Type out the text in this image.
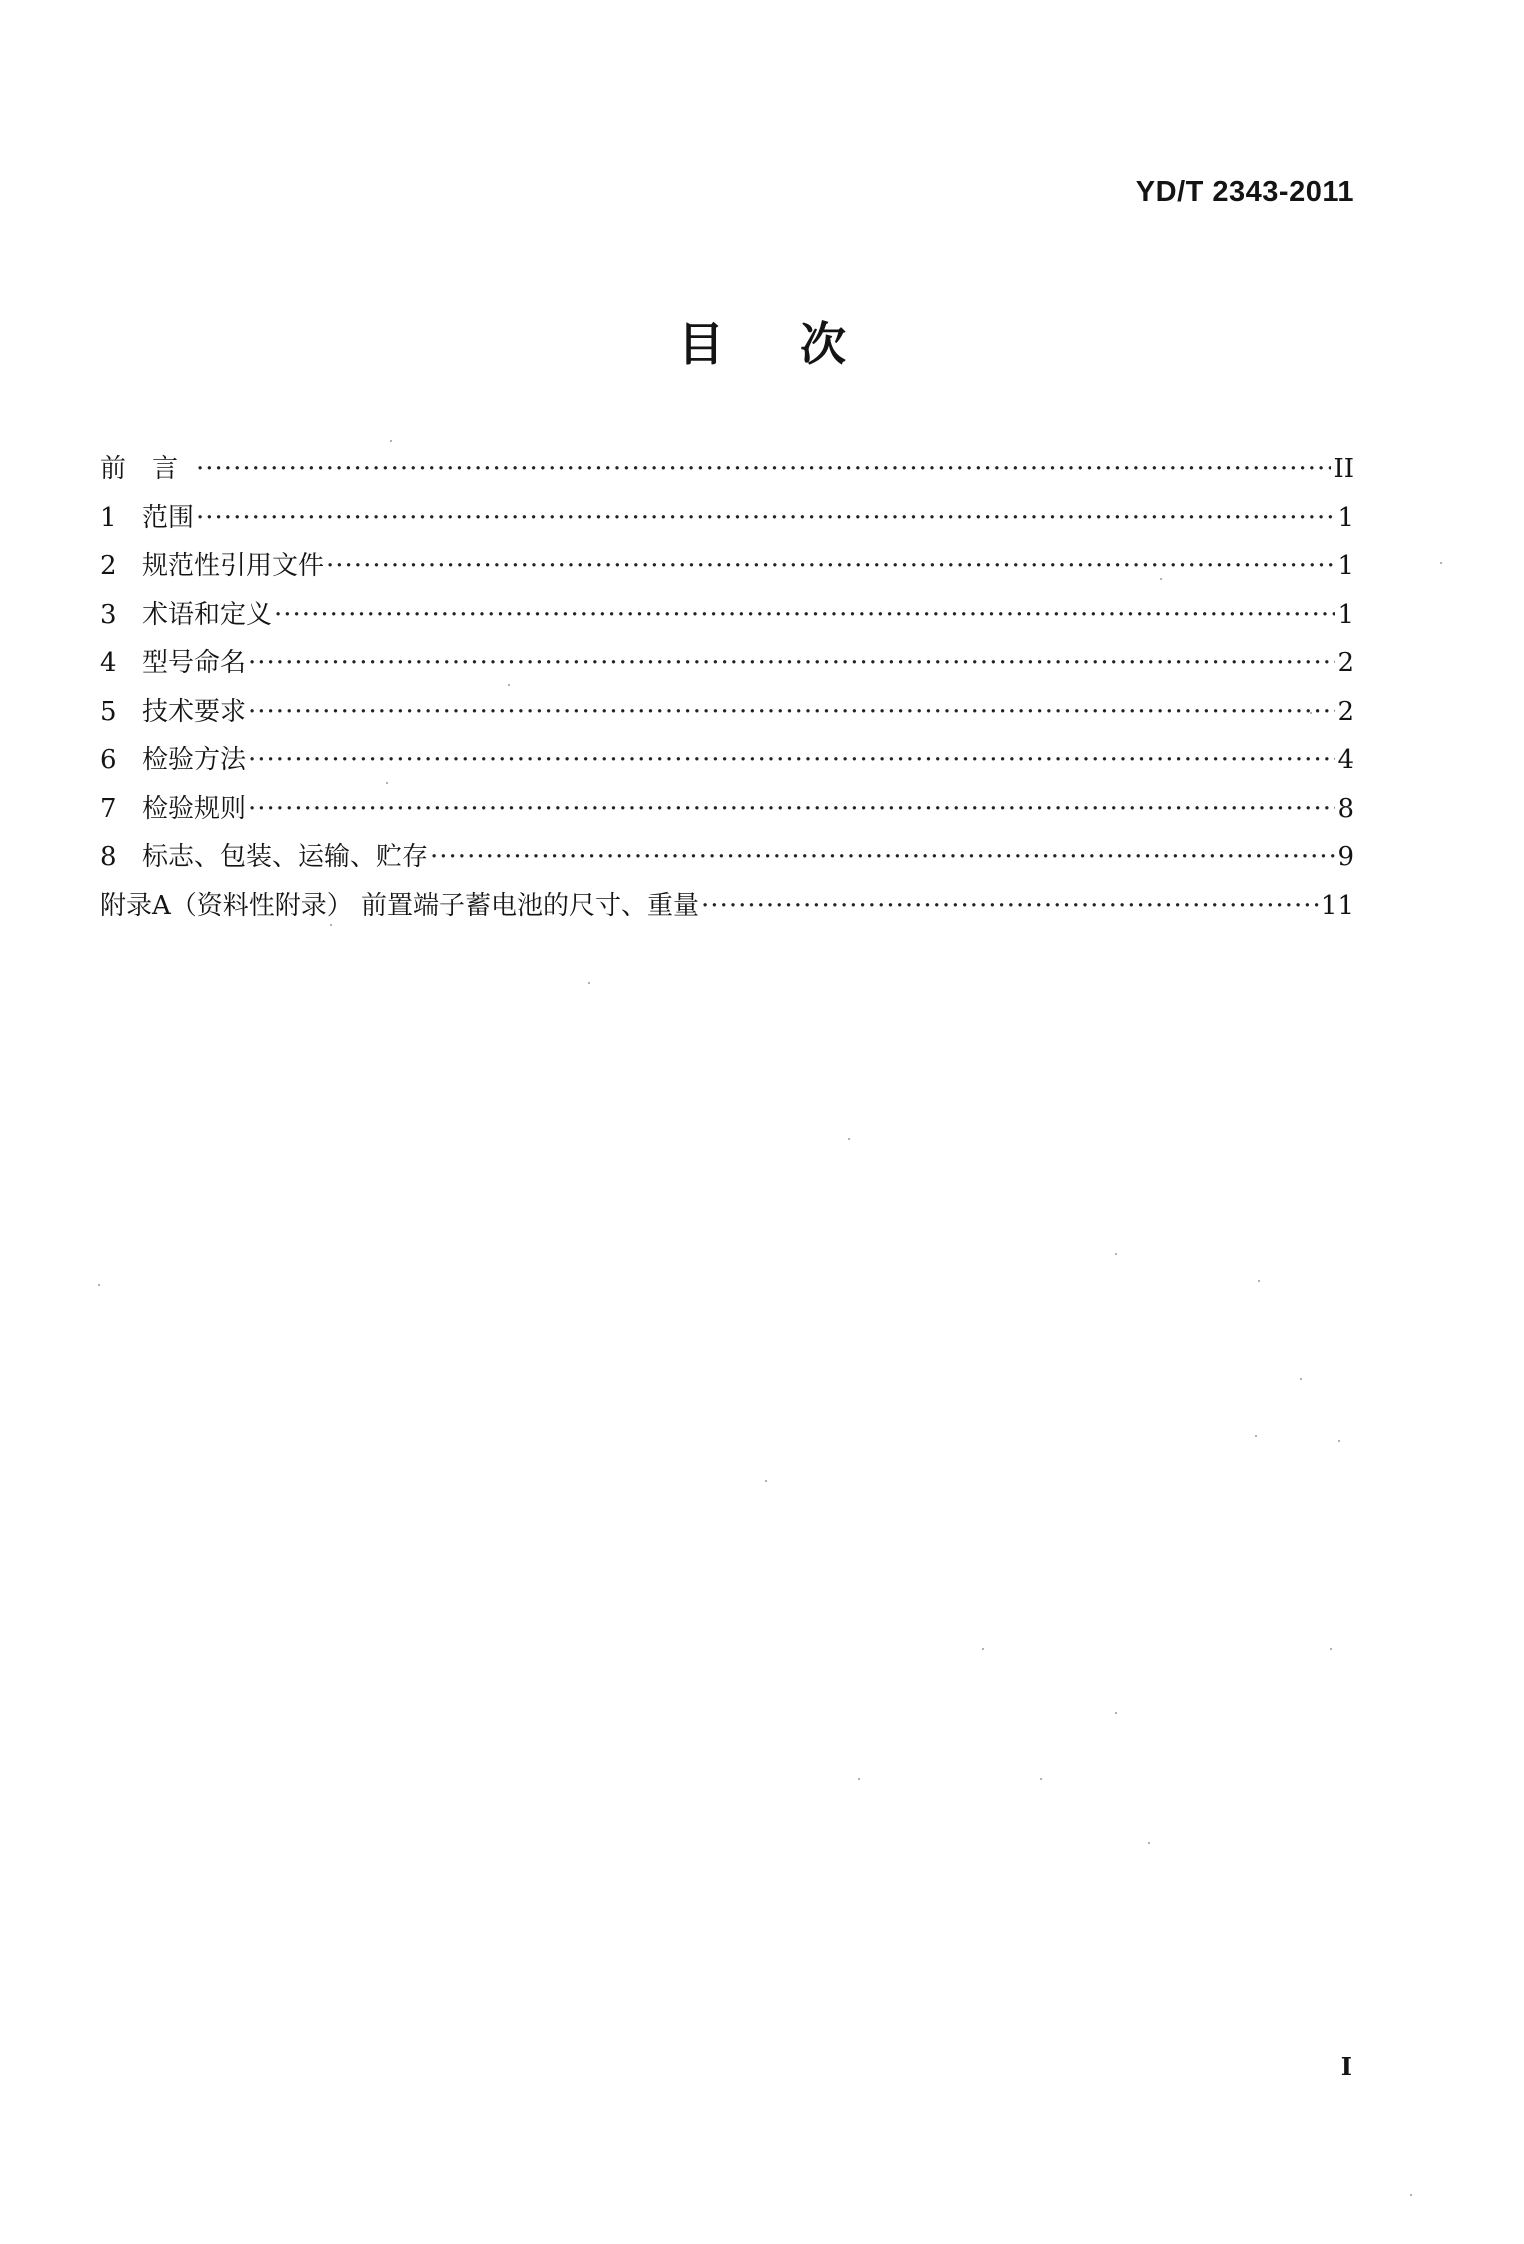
YD/T 2343-2011
目次
前言 ·····	II
1 范围 ·····	1
2 规范性引用文件 ·····	1
3 术语和定义 ·····	1
4 型号命名 ·····	2
5 技术要求 ·····	2
6 检验方法 ·····	4
7 检验规则 ·····	8
8 标志、包装、运输、贮存 ·····	9
附录A（资料性附录） 前置端子蓄电池的尺寸、重量 ·····	11
I
